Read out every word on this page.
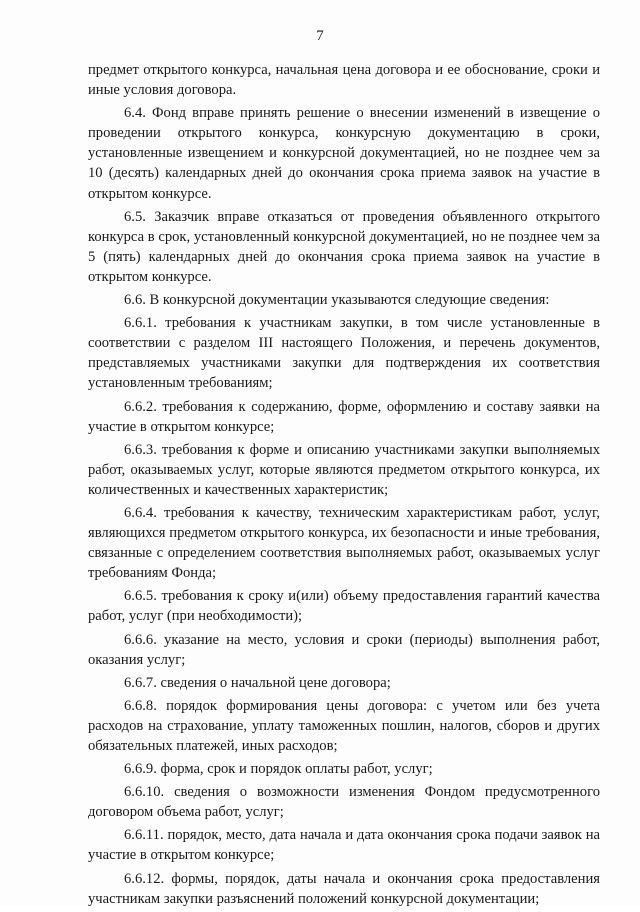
7

предмет открытого конкурса, начальная цена договора и ее обоснование, сроки и иные условия договора.

6.4. Фонд вправе принять решение о внесении изменений в извещение о проведении открытого конкурса, конкурсную документацию в сроки, установленные извещением и конкурсной документацией, но не позднее чем за 10 (десять) календарных дней до окончания срока приема заявок на участие в открытом конкурсе.

6.5. Заказчик вправе отказаться от проведения объявленного открытого конкурса в срок, установленный конкурсной документацией, но не позднее чем за 5 (пять) календарных дней до окончания срока приема заявок на участие в открытом конкурсе.

6.6. В конкурсной документации указываются следующие сведения:

6.6.1. требования к участникам закупки, в том числе установленные в соответствии с разделом III настоящего Положения, и перечень документов, представляемых участниками закупки для подтверждения их соответствия установленным требованиям;

6.6.2. требования к содержанию, форме, оформлению и составу заявки на участие в открытом конкурсе;

6.6.3. требования к форме и описанию участниками закупки выполняемых работ, оказываемых услуг, которые являются предметом открытого конкурса, их количественных и качественных характеристик;

6.6.4. требования к качеству, техническим характеристикам работ, услуг, являющихся предметом открытого конкурса, их безопасности и иные требования, связанные с определением соответствия выполняемых работ, оказываемых услуг требованиям Фонда;

6.6.5. требования к сроку и(или) объему предоставления гарантий качества работ, услуг (при необходимости);

6.6.6. указание на место, условия и сроки (периоды) выполнения работ, оказания услуг;

6.6.7. сведения о начальной цене договора;

6.6.8. порядок формирования цены договора: с учетом или без учета расходов на страхование, уплату таможенных пошлин, налогов, сборов и других обязательных платежей, иных расходов;

6.6.9. форма, срок и порядок оплаты работ, услуг;

6.6.10. сведения о возможности изменения Фондом предусмотренного договором объема работ, услуг;

6.6.11. порядок, место, дата начала и дата окончания срока подачи заявок на участие в открытом конкурсе;

6.6.12. формы, порядок, даты начала и окончания срока предоставления участникам закупки разъяснений положений конкурсной документации;
